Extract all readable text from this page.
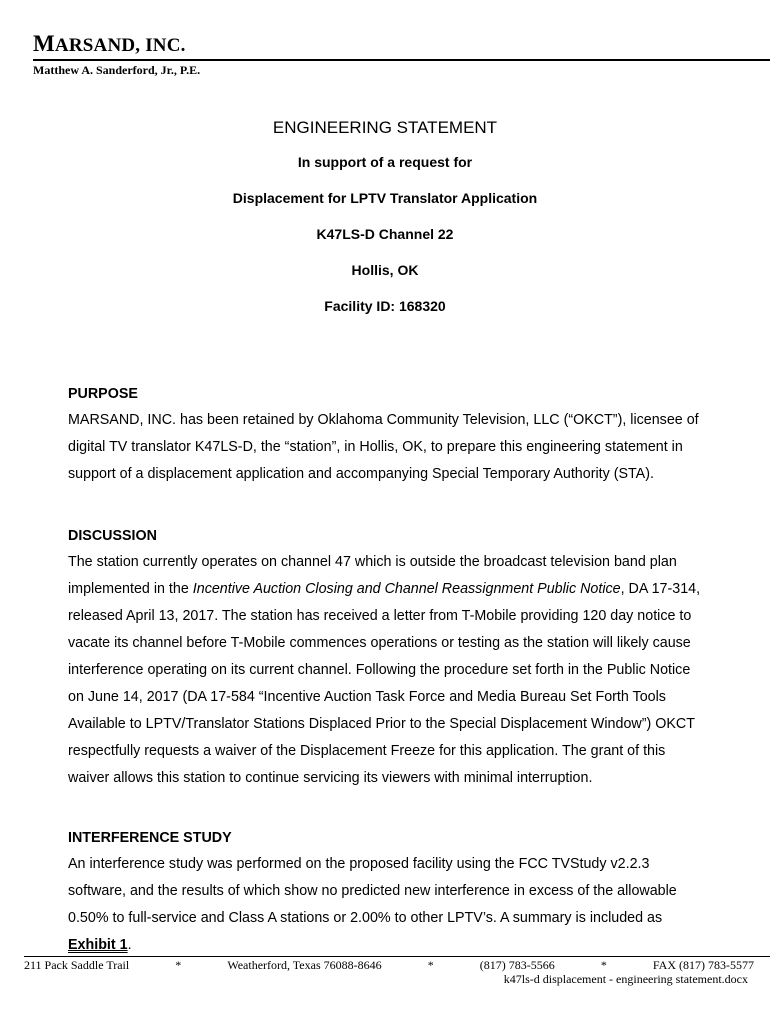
MARSAND, INC.
Matthew A. Sanderford, Jr., P.E.
ENGINEERING STATEMENT
In support of a request for
Displacement for LPTV Translator Application
K47LS-D Channel 22
Hollis, OK
Facility ID: 168320
PURPOSE

MARSAND, INC. has been retained by Oklahoma Community Television, LLC (“OKCT”), licensee of digital TV translator K47LS-D, the “station”, in Hollis, OK, to prepare this engineering statement in support of a displacement application and accompanying Special Temporary Authority (STA).

DISCUSSION

The station currently operates on channel 47 which is outside the broadcast television band plan implemented in the Incentive Auction Closing and Channel Reassignment Public Notice, DA 17-314, released April 13, 2017. The station has received a letter from T-Mobile providing 120 day notice to vacate its channel before T-Mobile commences operations or testing as the station will likely cause interference operating on its current channel. Following the procedure set forth in the Public Notice on June 14, 2017 (DA 17-584 “Incentive Auction Task Force and Media Bureau Set Forth Tools Available to LPTV/Translator Stations Displaced Prior to the Special Displacement Window”) OKCT respectfully requests a waiver of the Displacement Freeze for this application. The grant of this waiver allows this station to continue servicing its viewers with minimal interruption.

INTERFERENCE STUDY

An interference study was performed on the proposed facility using the FCC TVStudy v2.2.3 software, and the results of which show no predicted new interference in excess of the allowable 0.50% to full-service and Class A stations or 2.00% to other LPTV’s. A summary is included as Exhibit 1.

211 Pack Saddle Trail	*	Weatherford, Texas 76088-8646	*	(817) 783-5566	*	FAX (817) 783-5577
k47ls-d displacement - engineering statement.docx
